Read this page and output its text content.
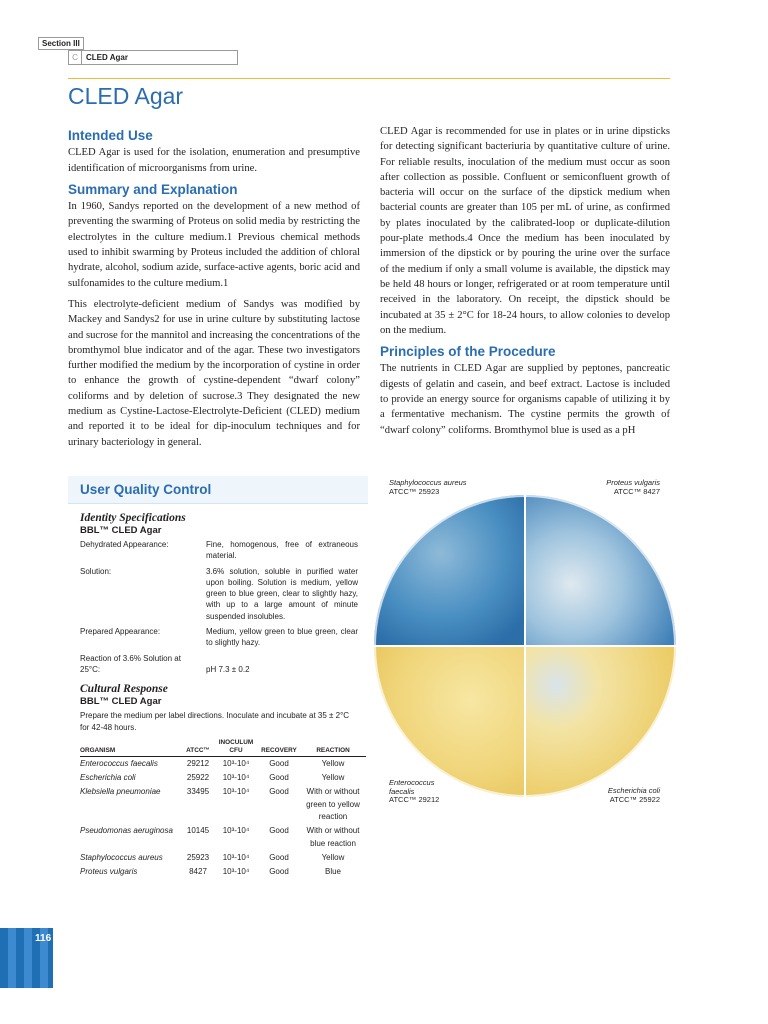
Section III
C	CLED Agar
CLED Agar
Intended Use

CLED Agar is used for the isolation, enumeration and presumptive identification of microorganisms from urine.

Summary and Explanation

In 1960, Sandys reported on the development of a new method of preventing the swarming of Proteus on solid media by restricting the electrolytes in the culture medium.1 Previous chemical methods used to inhibit swarming by Proteus included the addition of chloral hydrate, alcohol, sodium azide, surface-active agents, boric acid and sulfonamides to the culture medium.1

This electrolyte-deficient medium of Sandys was modified by Mackey and Sandys2 for use in urine culture by substituting lactose and sucrose for the mannitol and increasing the concentrations of the bromthymol blue indicator and of the agar. These two investigators further modified the medium by the incorporation of cystine in order to enhance the growth of cystine-dependent “dwarf colony” coliforms and by deletion of sucrose.3 They designated the new medium as Cystine-Lactose-Electrolyte-Deficient (CLED) medium and reported it to be ideal for dip-inoculum techniques and for urinary bacteriology in general.

CLED Agar is recommended for use in plates or in urine dipsticks for detecting significant bacteriuria by quantitative culture of urine. For reliable results, inoculation of the medium must occur as soon after collection as possible. Confluent or semiconfluent growth of bacteria will occur on the surface of the dipstick medium when bacterial counts are greater than 105 per mL of urine, as confirmed by plates inoculated by the calibrated-loop or duplicate-dilution pour-plate methods.4 Once the medium has been inoculated by immersion of the dipstick or by pouring the urine over the surface of the medium if only a small volume is available, the dipstick may be held 48 hours or longer, refrigerated or at room temperature until received in the laboratory. On receipt, the dipstick should be incubated at 35 ± 2°C for 18-24 hours, to allow colonies to develop on the medium.

Principles of the Procedure

The nutrients in CLED Agar are supplied by peptones, pancreatic digests of gelatin and casein, and beef extract. Lactose is included to provide an energy source for organisms capable of utilizing it by a fermentative mechanism. The cystine permits the growth of “dwarf colony” coliforms. Bromthymol blue is used as a pH

User Quality Control
Identity Specifications
BBL™ CLED Agar
Dehydrated Appearance:	Fine, homogenous, free of extraneous material.
Solution:	3.6% solution, soluble in purified water upon boiling. Solution is medium, yellow green to blue green, clear to slightly hazy, with up to a large amount of minute suspended insolubles.
Prepared Appearance:	Medium, yellow green to blue green, clear to slightly hazy.
Reaction of 3.6% Solution at 25°C:	pH 7.3 ± 0.2
Cultural Response
BBL™ CLED Agar
Prepare the medium per label directions. Inoculate and incubate at 35 ± 2°C for 42-48 hours.
ORGANISM	ATCC™	INOCULUM CFU	RECOVERY	REACTION
Enterococcus faecalis	29212	10³-10⁴	Good	Yellow
Escherichia coli	25922	10³-10⁴	Good	Yellow
Klebsiella pneumoniae	33495	10³-10⁴	Good	With or without green to yellow reaction
Pseudomonas aeruginosa	10145	10³-10⁴	Good	With or without blue reaction
Staphylococcus aureus	25923	10³-10⁴	Good	Yellow
Proteus vulgaris	8427	10³-10⁴	Good	Blue
Staphylococcus aureus
ATCC™ 25923
Proteus vulgaris
ATCC™ 8427
Enterococcus faecalis
ATCC™ 29212
Escherichia coli
ATCC™ 25922
116
